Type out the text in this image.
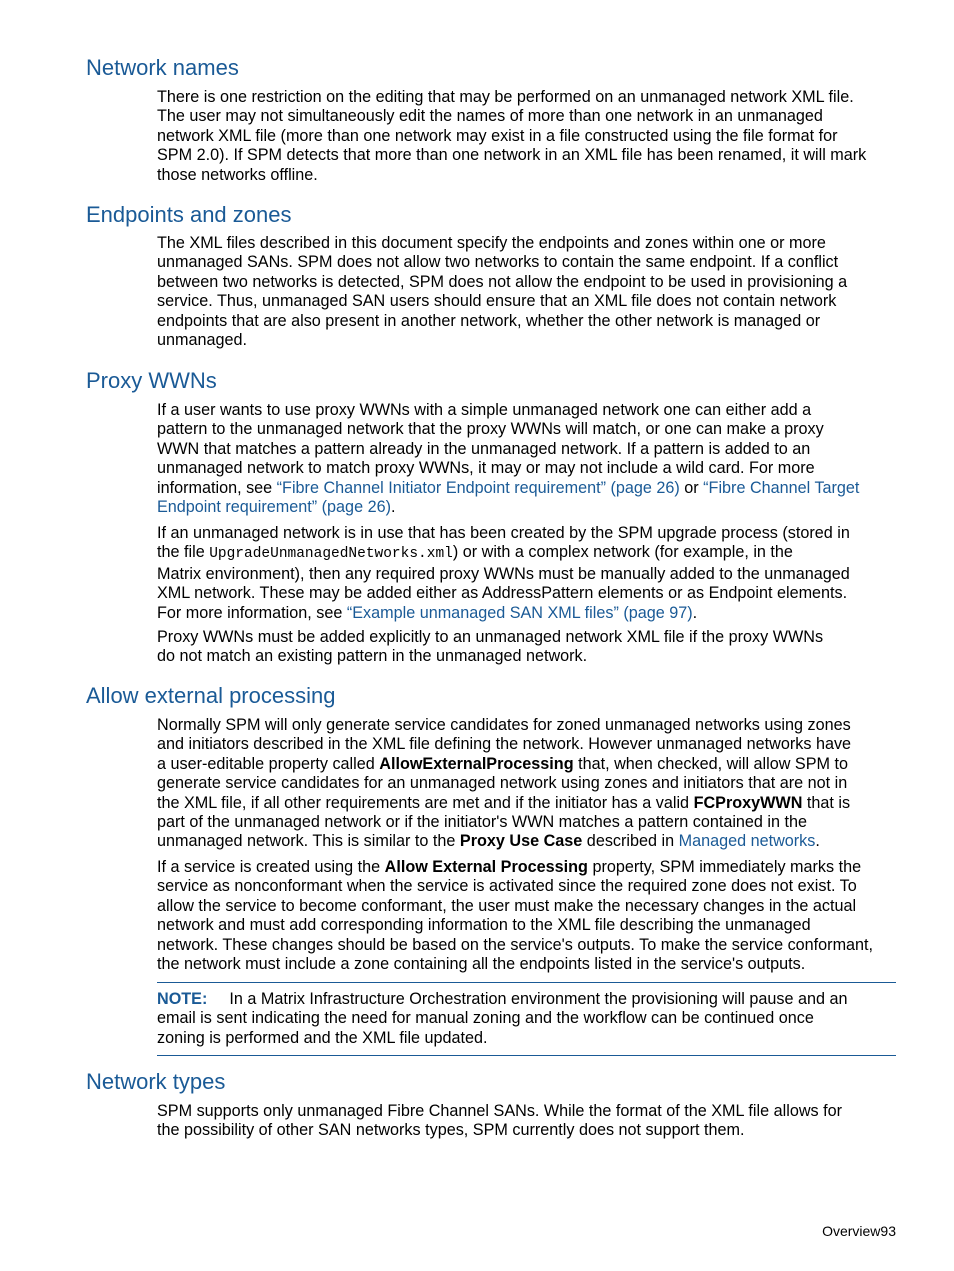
Network names
There is one restriction on the editing that may be performed on an unmanaged network XML file.
The user may not simultaneously edit the names of more than one network in an unmanaged
network XML file (more than one network may exist in a file constructed using the file format for
SPM 2.0). If SPM detects that more than one network in an XML file has been renamed, it will mark
those networks offline.
Endpoints and zones
The XML files described in this document specify the endpoints and zones within one or more
unmanaged SANs. SPM does not allow two networks to contain the same endpoint. If a conflict
between two networks is detected, SPM does not allow the endpoint to be used in provisioning a
service. Thus, unmanaged SAN users should ensure that an XML file does not contain network
endpoints that are also present in another network, whether the other network is managed or
unmanaged.
Proxy WWNs
If a user wants to use proxy WWNs with a simple unmanaged network one can either add a
pattern to the unmanaged network that the proxy WWNs will match, or one can make a proxy
WWN that matches a pattern already in the unmanaged network. If a pattern is added to an
unmanaged network to match proxy WWNs, it may or may not include a wild card. For more
information, see “Fibre Channel Initiator Endpoint requirement” (page 26) or “Fibre Channel Target
Endpoint requirement” (page 26).
If an unmanaged network is in use that has been created by the SPM upgrade process (stored in
the file UpgradeUnmanagedNetworks.xml) or with a complex network (for example, in the
Matrix environment), then any required proxy WWNs must be manually added to the unmanaged
XML network. These may be added either as AddressPattern elements or as Endpoint elements.
For more information, see “Example unmanaged SAN XML files” (page 97).
Proxy WWNs must be added explicitly to an unmanaged network XML file if the proxy WWNs
do not match an existing pattern in the unmanaged network.
Allow external processing
Normally SPM will only generate service candidates for zoned unmanaged networks using zones
and initiators described in the XML file defining the network. However unmanaged networks have
a user-editable property called AllowExternalProcessing that, when checked, will allow SPM to
generate service candidates for an unmanaged network using zones and initiators that are not in
the XML file, if all other requirements are met and if the initiator has a valid FCProxyWWN that is
part of the unmanaged network or if the initiator's WWN matches a pattern contained in the
unmanaged network. This is similar to the Proxy Use Case described in Managed networks.
If a service is created using the Allow External Processing property, SPM immediately marks the
service as nonconformant when the service is activated since the required zone does not exist. To
allow the service to become conformant, the user must make the necessary changes in the actual
network and must add corresponding information to the XML file describing the unmanaged
network. These changes should be based on the service's outputs. To make the service conformant,
the network must include a zone containing all the endpoints listed in the service's outputs.
NOTE: In a Matrix Infrastructure Orchestration environment the provisioning will pause and an
email is sent indicating the need for manual zoning and the workflow can be continued once
zoning is performed and the XML file updated.
Network types
SPM supports only unmanaged Fibre Channel SANs. While the format of the XML file allows for
the possibility of other SAN networks types, SPM currently does not support them.
Overview93
